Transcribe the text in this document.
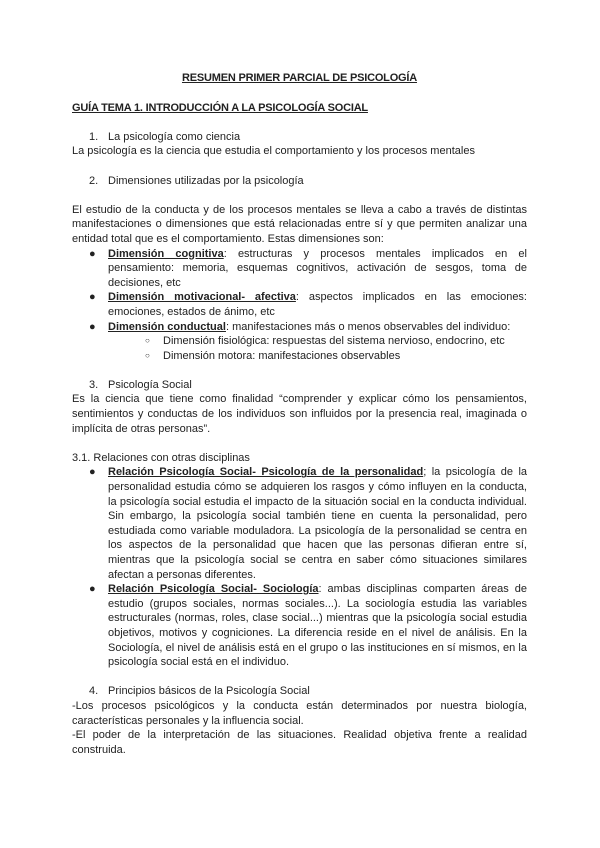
RESUMEN PRIMER PARCIAL DE PSICOLOGÍA
GUÍA TEMA 1. INTRODUCCIÓN A LA PSICOLOGÍA SOCIAL
1. La psicología como ciencia

La psicología es la ciencia que estudia el comportamiento y los procesos mentales

2. Dimensiones utilizadas por la psicología

El estudio de la conducta y de los procesos mentales se lleva a cabo a través de distintas manifestaciones o dimensiones que está relacionadas entre sí y que permiten analizar una entidad total que es el comportamiento. Estas dimensiones son:

● Dimensión cognitiva: estructuras y procesos mentales implicados en el pensamiento: memoria, esquemas cognitivos, activación de sesgos, toma de decisiones, etc
● Dimensión motivacional- afectiva: aspectos implicados en las emociones: emociones, estados de ánimo, etc
● Dimensión conductual: manifestaciones más o menos observables del individuo:
○ Dimensión fisiológica: respuestas del sistema nervioso, endocrino, etc
○ Dimensión motora: manifestaciones observables
3. Psicología Social

Es la ciencia que tiene como finalidad “comprender y explicar cómo los pensamientos, sentimientos y conductas de los individuos son influidos por la presencia real, imaginada o implícita de otras personas”.

3.1. Relaciones con otras disciplinas
● Relación Psicología Social- Psicología de la personalidad; la psicología de la personalidad estudia cómo se adquieren los rasgos y cómo influyen en la conducta, la psicología social estudia el impacto de la situación social en la conducta individual. Sin embargo, la psicología social también tiene en cuenta la personalidad, pero estudiada como variable moduladora. La psicología de la personalidad se centra en los aspectos de la personalidad que hacen que las personas difieran entre sí, mientras que la psicología social se centra en saber cómo situaciones similares afectan a personas diferentes.
● Relación Psicología Social- Sociología: ambas disciplinas comparten áreas de estudio (grupos sociales, normas sociales...). La sociología estudia las variables estructurales (normas, roles, clase social...) mientras que la psicología social estudia objetivos, motivos y cogniciones. La diferencia reside en el nivel de análisis. En la Sociología, el nivel de análisis está en el grupo o las instituciones en sí mismos, en la psicología social está en el individuo.
4. Principios básicos de la Psicología Social

-Los procesos psicológicos y la conducta están determinados por nuestra biología, características personales y la influencia social.

-El poder de la interpretación de las situaciones. Realidad objetiva frente a realidad construida.
